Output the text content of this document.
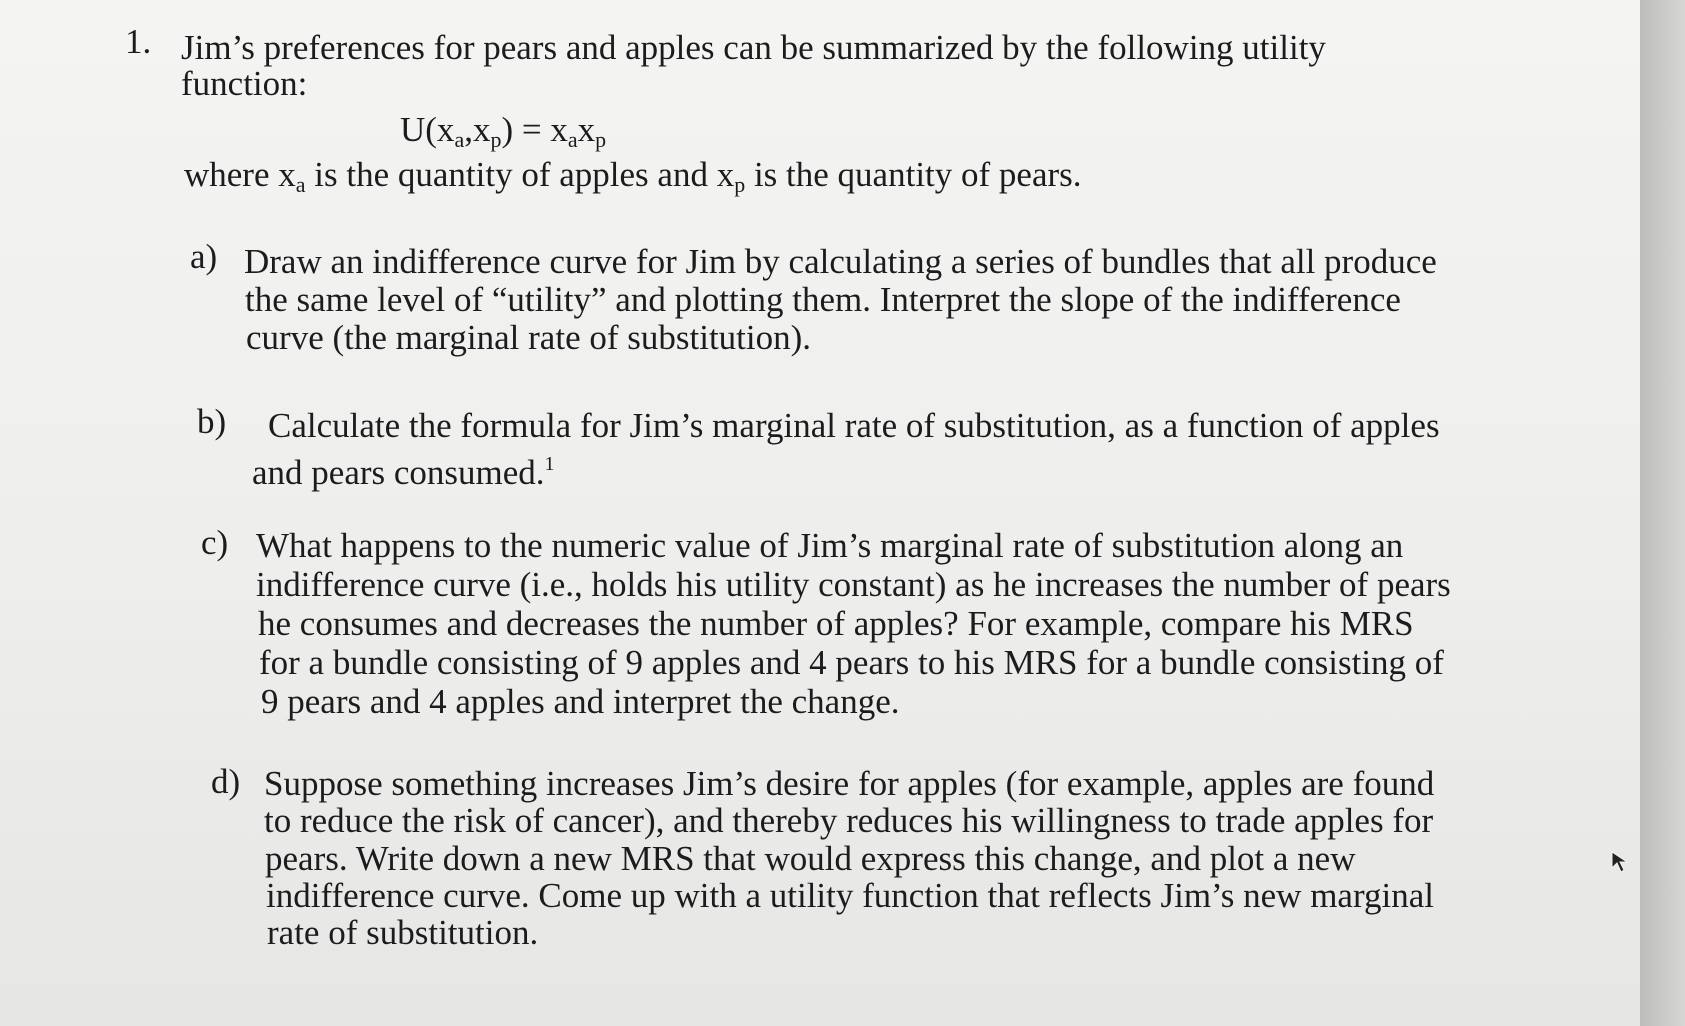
1. Jim’s preferences for pears and apples can be summarized by the following utility
function:
$U(x_a,x_p) = x_ax_p$
where $x_a$ is the quantity of apples and $x_p$ is the quantity of pears.
a) Draw an indifference curve for Jim by calculating a series of bundles that all produce
the same level of “utility” and plotting them. Interpret the slope of the indifference
curve (the marginal rate of substitution).
b) Calculate the formula for Jim’s marginal rate of substitution, as a function of apples
and pears consumed.$^1$
c) What happens to the numeric value of Jim’s marginal rate of substitution along an
indifference curve (i.e., holds his utility constant) as he increases the number of pears
he consumes and decreases the number of apples? For example, compare his MRS
for a bundle consisting of 9 apples and 4 pears to his MRS for a bundle consisting of
9 pears and 4 apples and interpret the change.
d) Suppose something increases Jim’s desire for apples (for example, apples are found
to reduce the risk of cancer), and thereby reduces his willingness to trade apples for
pears. Write down a new MRS that would express this change, and plot a new
indifference curve. Come up with a utility function that reflects Jim’s new marginal
rate of substitution.
